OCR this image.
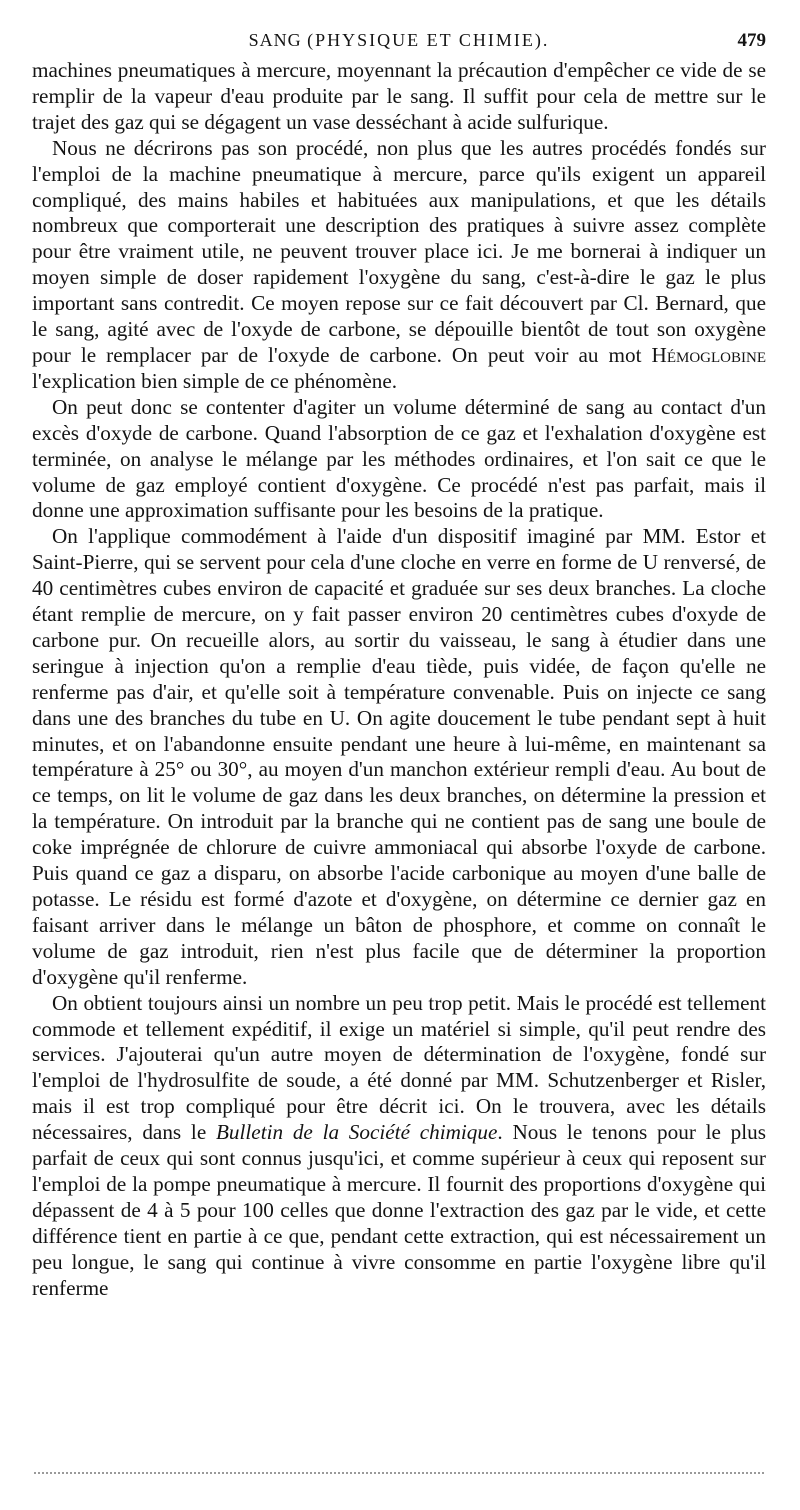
SANG (PHYSIQUE ET CHIMIE).	479

machines pneumatiques à mercure, moyennant la précaution d'empêcher ce vide de se remplir de la vapeur d'eau produite par le sang. Il suffit pour cela de mettre sur le trajet des gaz qui se dégagent un vase desséchant à acide sulfurique.

Nous ne décrirons pas son procédé, non plus que les autres procédés fondés sur l'emploi de la machine pneumatique à mercure, parce qu'ils exigent un appareil compliqué, des mains habiles et habituées aux manipulations, et que les détails nombreux que comporterait une description des pratiques à suivre assez complète pour être vraiment utile, ne peuvent trouver place ici. Je me bornerai à indiquer un moyen simple de doser rapidement l'oxygène du sang, c'est-à-dire le gaz le plus important sans contredit. Ce moyen repose sur ce fait découvert par Cl. Bernard, que le sang, agité avec de l'oxyde de carbone, se dépouille bientôt de tout son oxygène pour le remplacer par de l'oxyde de carbone. On peut voir au mot Hémoglobine l'explication bien simple de ce phénomène.

On peut donc se contenter d'agiter un volume déterminé de sang au contact d'un excès d'oxyde de carbone. Quand l'absorption de ce gaz et l'exhalation d'oxygène est terminée, on analyse le mélange par les méthodes ordinaires, et l'on sait ce que le volume de gaz employé contient d'oxygène. Ce procédé n'est pas parfait, mais il donne une approximation suffisante pour les besoins de la pratique.

On l'applique commodément à l'aide d'un dispositif imaginé par MM. Estor et Saint-Pierre, qui se servent pour cela d'une cloche en verre en forme de U renversé, de 40 centimètres cubes environ de capacité et graduée sur ses deux branches. La cloche étant remplie de mercure, on y fait passer environ 20 centimètres cubes d'oxyde de carbone pur. On recueille alors, au sortir du vaisseau, le sang à étudier dans une seringue à injection qu'on a remplie d'eau tiède, puis vidée, de façon qu'elle ne renferme pas d'air, et qu'elle soit à température convenable. Puis on injecte ce sang dans une des branches du tube en U. On agite doucement le tube pendant sept à huit minutes, et on l'abandonne ensuite pendant une heure à lui-même, en maintenant sa température à 25° ou 30°, au moyen d'un manchon extérieur rempli d'eau. Au bout de ce temps, on lit le volume de gaz dans les deux branches, on détermine la pression et la température. On introduit par la branche qui ne contient pas de sang une boule de coke imprégnée de chlorure de cuivre ammoniacal qui absorbe l'oxyde de carbone. Puis quand ce gaz a disparu, on absorbe l'acide carbonique au moyen d'une balle de potasse. Le résidu est formé d'azote et d'oxygène, on détermine ce dernier gaz en faisant arriver dans le mélange un bâton de phosphore, et comme on connaît le volume de gaz introduit, rien n'est plus facile que de déterminer la proportion d'oxygène qu'il renferme.

On obtient toujours ainsi un nombre un peu trop petit. Mais le procédé est tellement commode et tellement expéditif, il exige un matériel si simple, qu'il peut rendre des services. J'ajouterai qu'un autre moyen de détermination de l'oxygène, fondé sur l'emploi de l'hydrosulfite de soude, a été donné par MM. Schutzenberger et Risler, mais il est trop compliqué pour être décrit ici. On le trouvera, avec les détails nécessaires, dans le Bulletin de la Société chimique. Nous le tenons pour le plus parfait de ceux qui sont connus jusqu'ici, et comme supérieur à ceux qui reposent sur l'emploi de la pompe pneumatique à mercure. Il fournit des proportions d'oxygène qui dépassent de 4 à 5 pour 100 celles que donne l'extraction des gaz par le vide, et cette différence tient en partie à ce que, pendant cette extraction, qui est nécessairement un peu longue, le sang qui continue à vivre consomme en partie l'oxygène libre qu'il renferme
